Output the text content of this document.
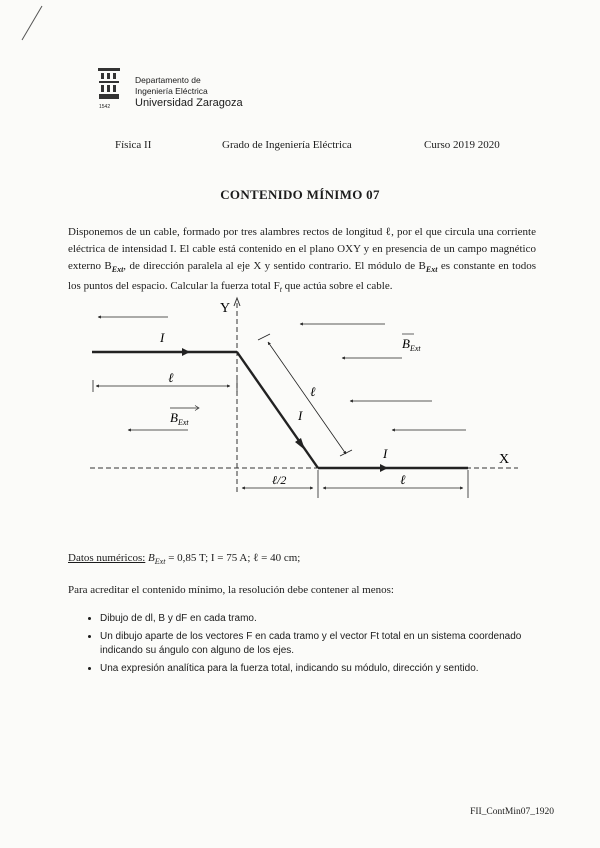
1542
Departamento de
Ingeniería Eléctrica
Universidad Zaragoza
Física II	Grado de Ingeniería Eléctrica	Curso 2019 2020
CONTENIDO MÍNIMO 07
Disponemos de un cable, formado por tres alambres rectos de longitud ℓ, por el que circula una corriente eléctrica de intensidad I. El cable está contenido en el plano OXY y en presencia de un campo magnético externo $B_{Ext}$, de dirección paralela al eje X y sentido contrario. El módulo de $B_{Ext}$ es constante en todos los puntos del espacio. Calcular la fuerza total $F_t$ que actúa sobre el cable.
Y
X
I
I
I
$B_{Ext}$
$B_{Ext}$
ℓ
ℓ
ℓ/2	ℓ
Datos numéricos: $B_{Ext} = 0,85$ T; I = 75 A; ℓ = 40 cm;
Para acreditar el contenido mínimo, la resolución debe contener al menos:
• Dibujo de dl, B y dF en cada tramo.
• Un dibujo aparte de los vectores F en cada tramo y el vector Ft total en un sistema coordenado indicando su ángulo con alguno de los ejes.
• Una expresión analítica para la fuerza total, indicando su módulo, dirección y sentido.
FII_ContMin07_1920
